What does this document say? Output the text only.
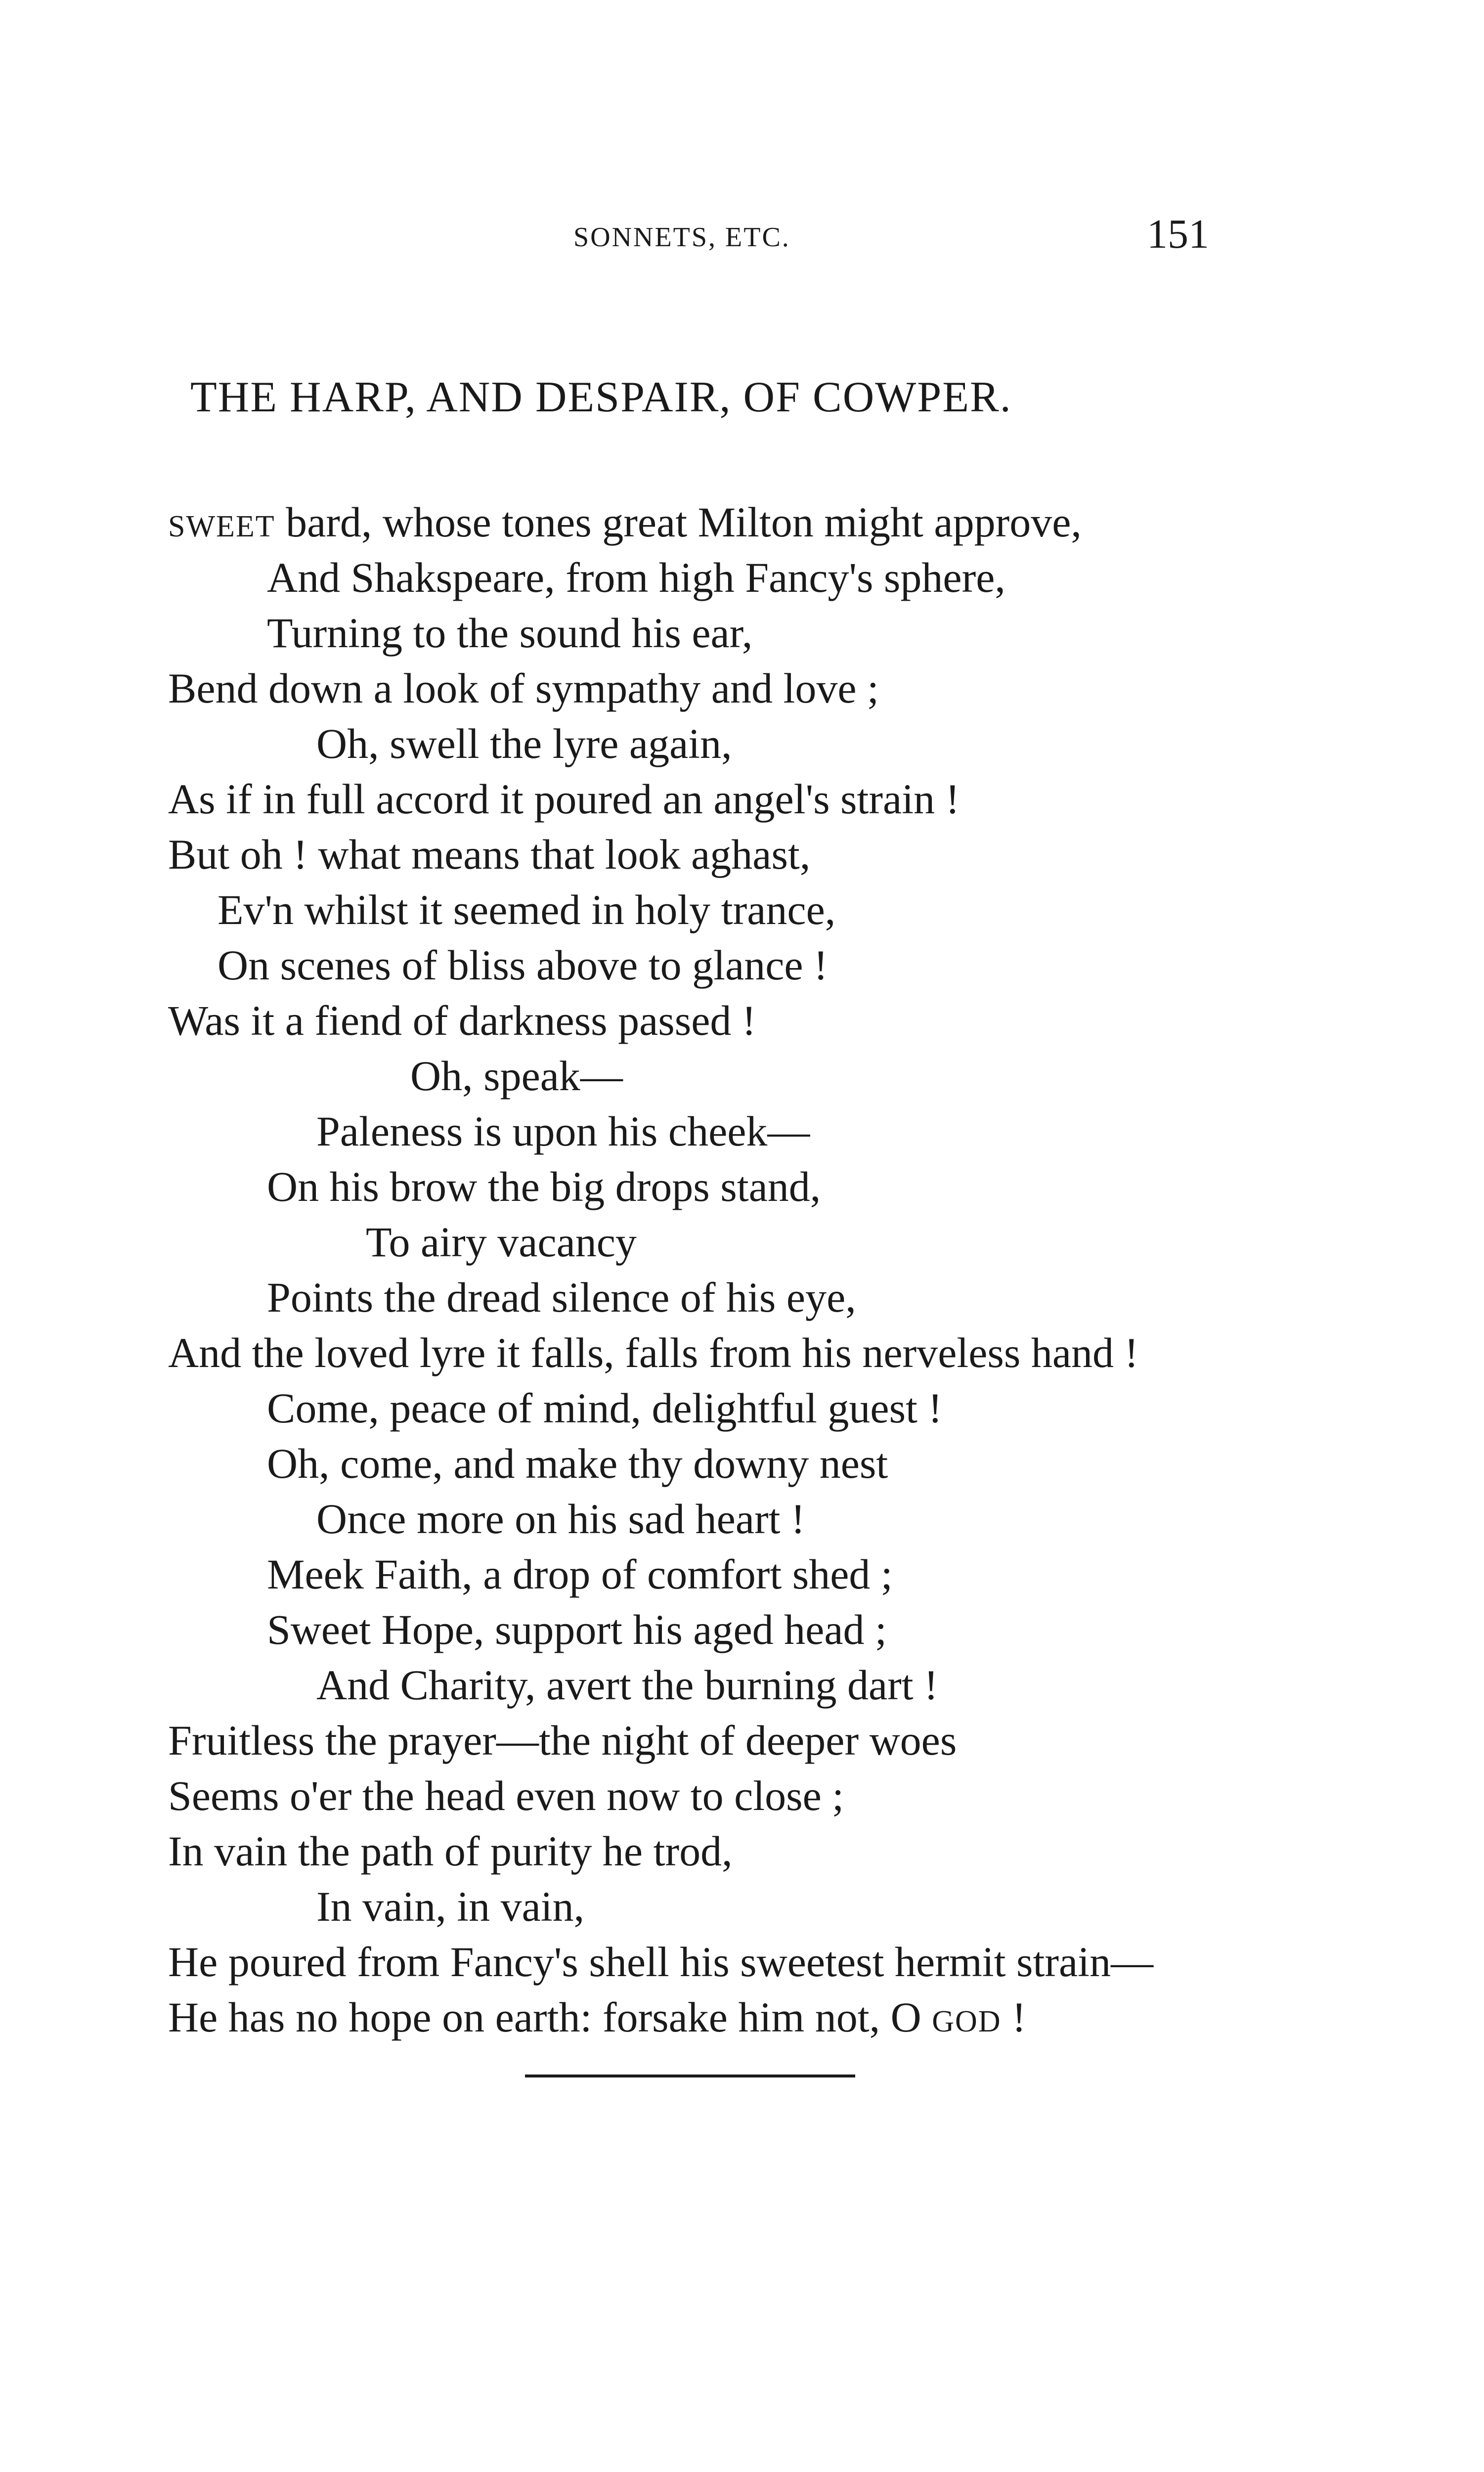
SONNETS, ETC.	151
THE HARP, AND DESPAIR, OF COWPER.
SWEET bard, whose tones great Milton might approve,
And Shakspeare, from high Fancy's sphere,
Turning to the sound his ear,
Bend down a look of sympathy and love ;
Oh, swell the lyre again,
As if in full accord it poured an angel's strain !
But oh ! what means that look aghast,
Ev'n whilst it seemed in holy trance,
On scenes of bliss above to glance !
Was it a fiend of darkness passed !
Oh, speak—
Paleness is upon his cheek—
On his brow the big drops stand,
To airy vacancy
Points the dread silence of his eye,
And the loved lyre it falls, falls from his nerveless hand !
Come, peace of mind, delightful guest !
Oh, come, and make thy downy nest
Once more on his sad heart !
Meek Faith, a drop of comfort shed ;
Sweet Hope, support his aged head ;
And Charity, avert the burning dart !
Fruitless the prayer—the night of deeper woes
Seems o'er the head even now to close ;
In vain the path of purity he trod,
In vain, in vain,
He poured from Fancy's shell his sweetest hermit strain—
He has no hope on earth: forsake him not, O GOD !
